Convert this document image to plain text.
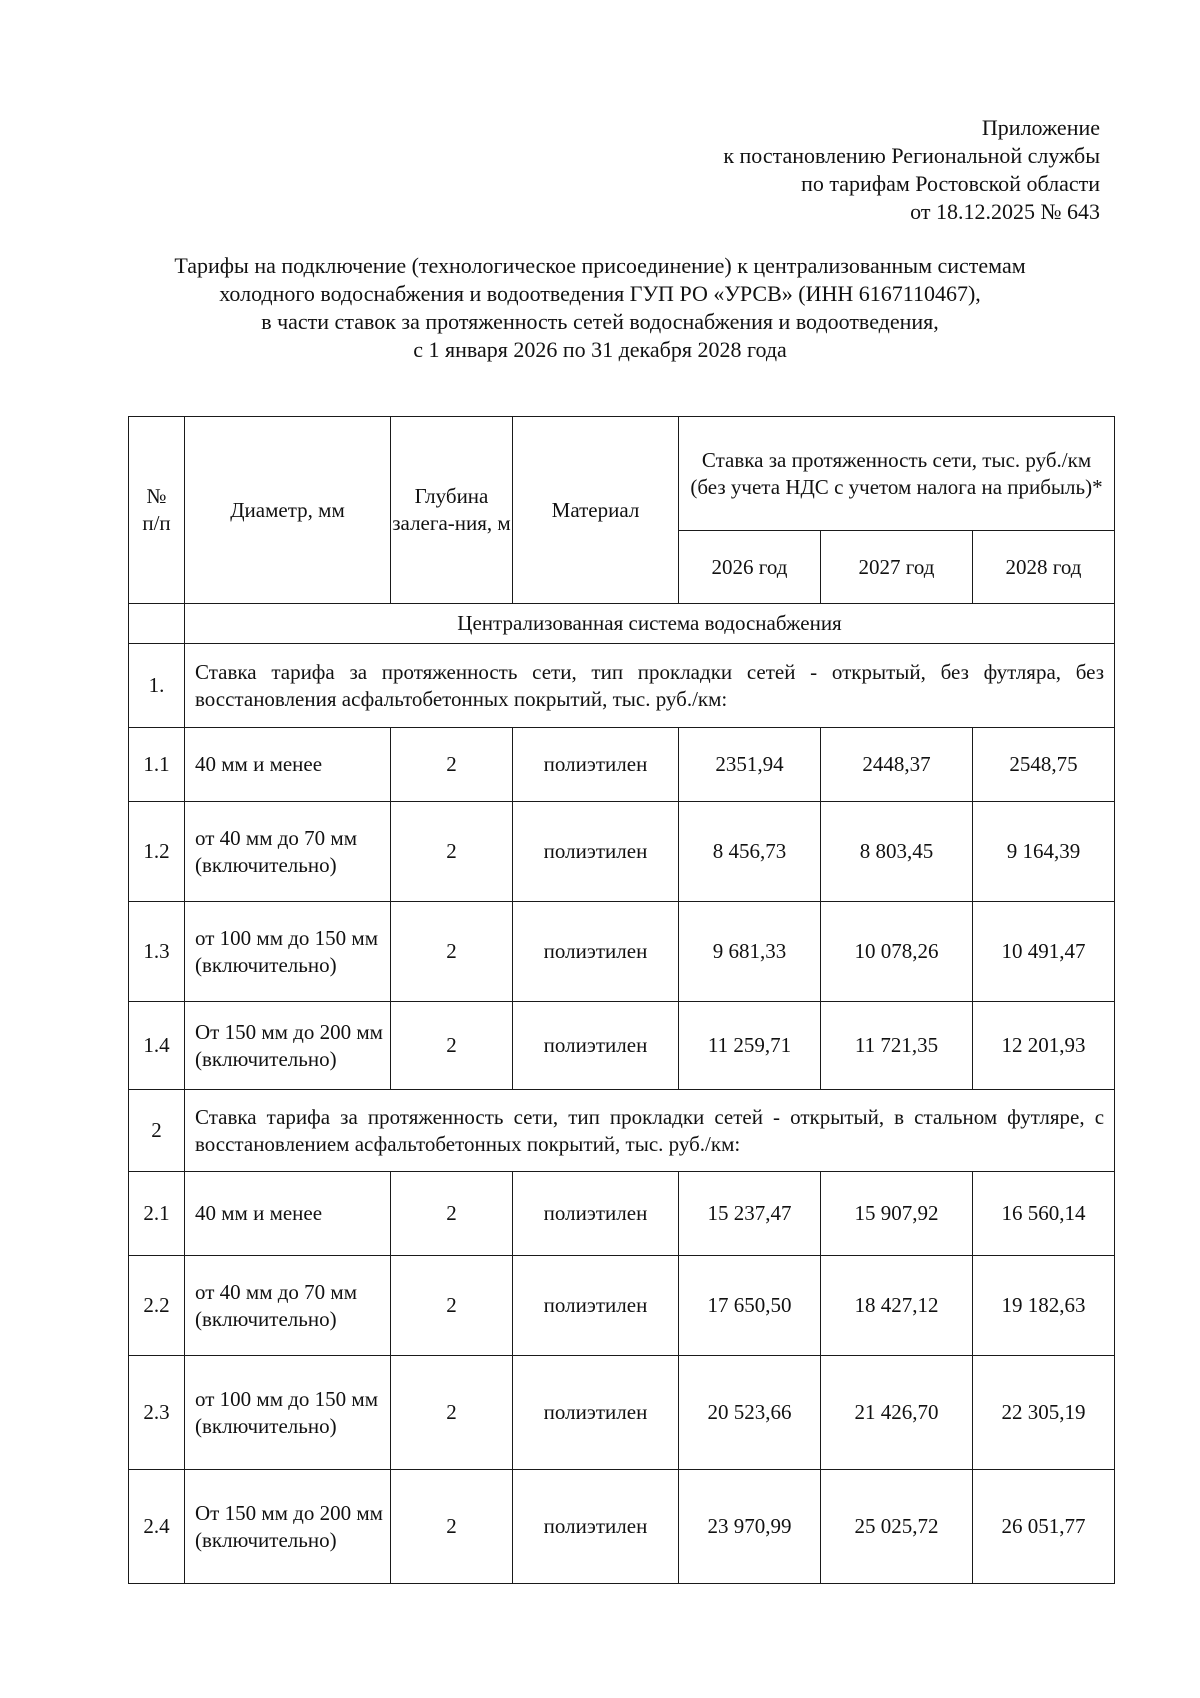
Приложение
к постановлению Региональной службы
по тарифам Ростовской области
от 18.12.2025 № 643
Тарифы на подключение (технологическое присоединение) к централизованным системам
холодного водоснабжения и водоотведения ГУП РО «УРСВ» (ИНН 6167110467),
в части ставок за протяженность сетей водоснабжения и водоотведения,
с 1 января 2026 по 31 декабря 2028 года
№
п/п	Диаметр, мм	Глубина залега-ния, м	Материал	Ставка за протяженность сети, тыс. руб./км (без учета НДС с учетом налога на прибыль)*		
				2026 год	2027 год	2028 год
	Централизованная система водоснабжения					
1.	Ставка тарифа за протяженность сети, тип прокладки сетей - открытый, без футляра, без восстановления асфальтобетонных покрытий, тыс. руб./км:					
1.1	40 мм и менее	2	полиэтилен	2351,94	2448,37	2548,75
1.2	от 40 мм до 70 мм (включительно)	2	полиэтилен	8 456,73	8 803,45	9 164,39
1.3	от 100 мм до 150 мм (включительно)	2	полиэтилен	9 681,33	10 078,26	10 491,47
1.4	От 150 мм до 200 мм (включительно)	2	полиэтилен	11 259,71	11 721,35	12 201,93
2	Ставка тарифа за протяженность сети, тип прокладки сетей - открытый, в стальном футляре, с восстановлением асфальтобетонных покрытий, тыс. руб./км:					
2.1	40 мм и менее	2	полиэтилен	15 237,47	15 907,92	16 560,14
2.2	от 40 мм до 70 мм (включительно)	2	полиэтилен	17 650,50	18 427,12	19 182,63
2.3	от 100 мм до 150 мм (включительно)	2	полиэтилен	20 523,66	21 426,70	22 305,19
2.4	От 150 мм до 200 мм (включительно)	2	полиэтилен	23 970,99	25 025,72	26 051,77
